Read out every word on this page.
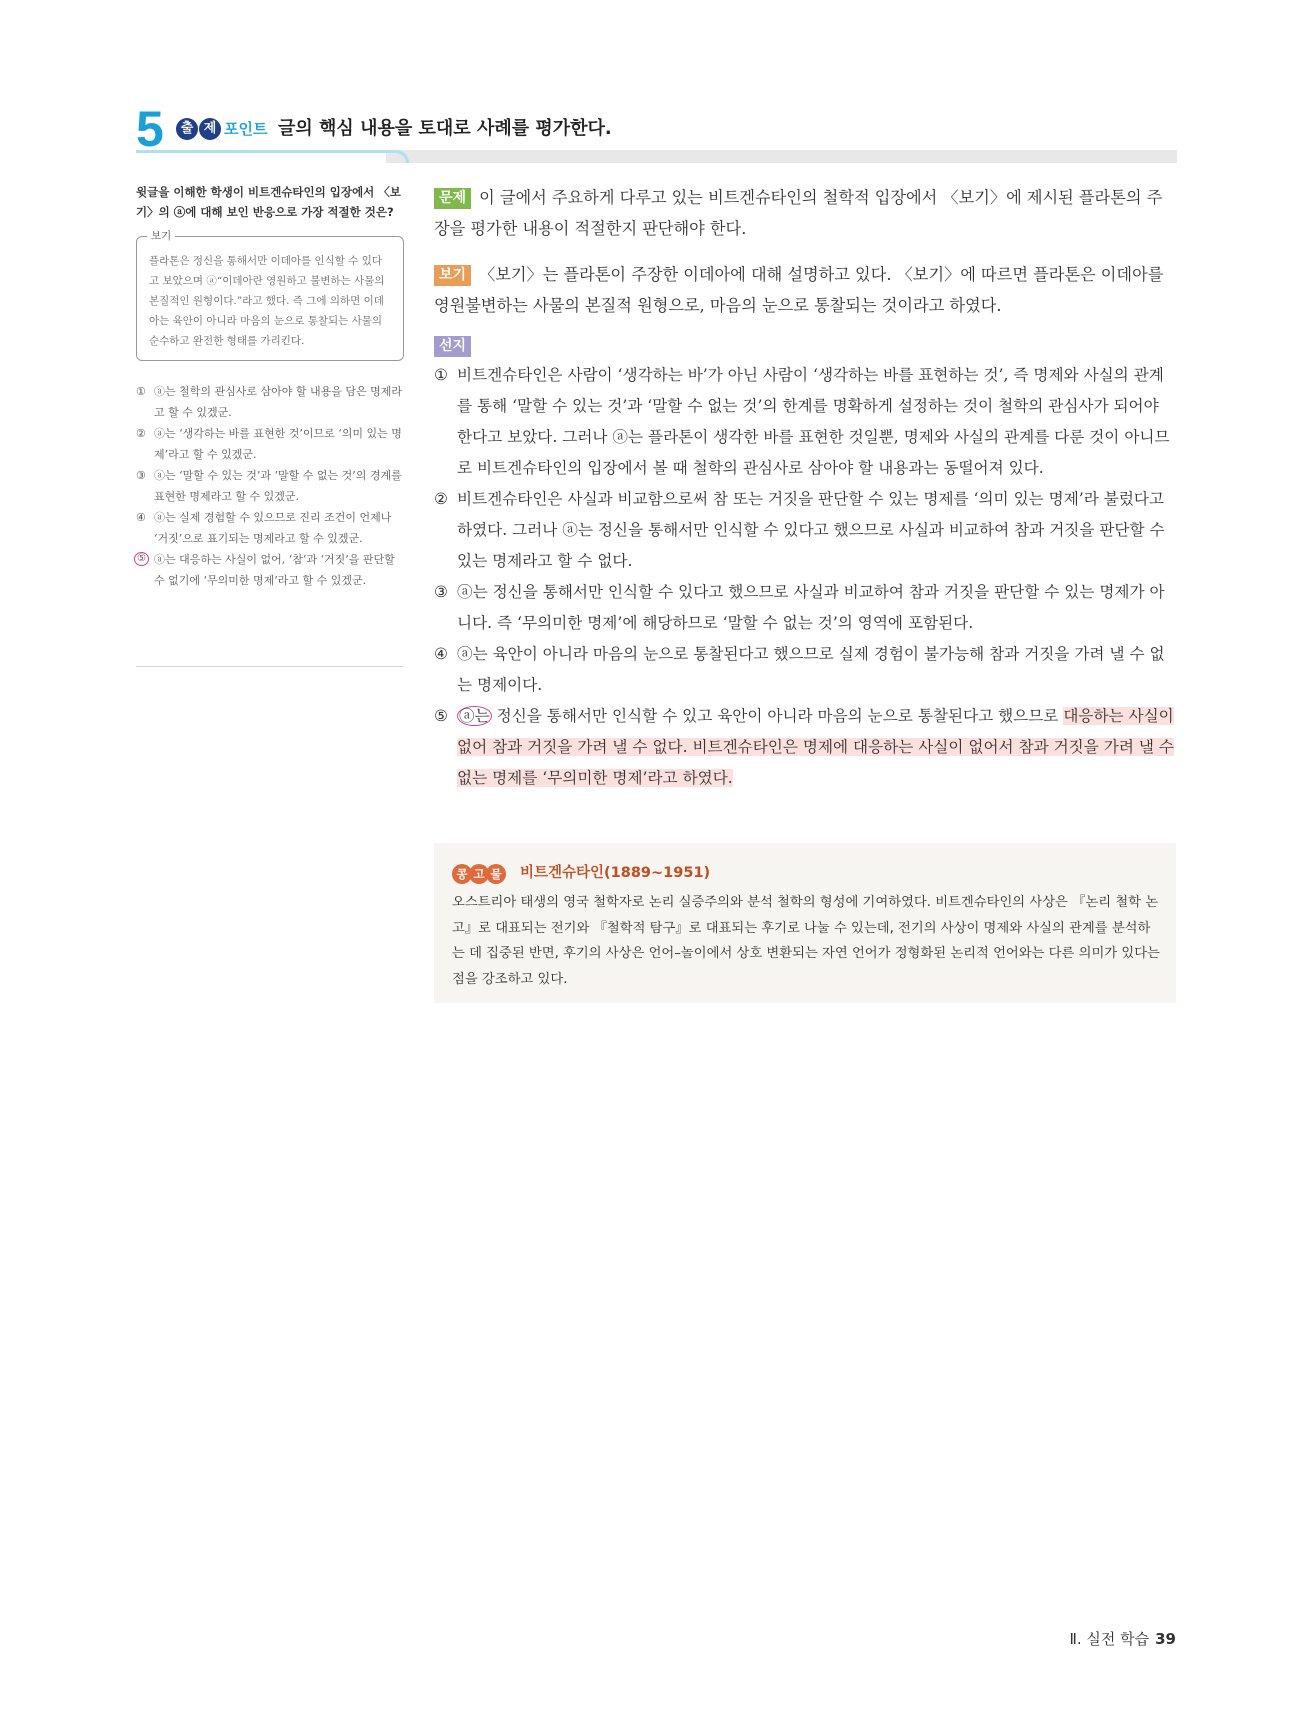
5	출 제 포인트 글의 핵심 내용을 토대로 사례를 평가한다.

윗글을 이해한 학생이 비트겐슈타인의 입장에서 〈보기〉의 ⓐ에 대해 보인 반응으로 가장 적절한 것은?

보기

플라톤은 정신을 통해서만 이데아를 인식할 수 있다고 보았으며 ⓐ“이데아란 영원하고 불변하는 사물의 본질적인 원형이다.”라고 했다. 즉 그에 의하면 이데아는 육안이 아니라 마음의 눈으로 통찰되는 사물의 순수하고 완전한 형태를 가리킨다.

① ⓐ는 철학의 관심사로 삼아야 할 내용을 담은 명제라고 할 수 있겠군.
② ⓐ는 ‘생각하는 바를 표현한 것’이므로 ‘의미 있는 명제’라고 할 수 있겠군.
③ ⓐ는 ‘말할 수 있는 것’과 ‘말할 수 없는 것’의 경계를 표현한 명제라고 할 수 있겠군.
④ ⓐ는 실제 경험할 수 있으므로 진리 조건이 언제나 ‘거짓’으로 표기되는 명제라고 할 수 있겠군.
⑤ ⓐ는 대응하는 사실이 없어, ‘참’과 ‘거짓’을 판단할 수 없기에 ‘무의미한 명제’라고 할 수 있겠군.

문제 이 글에서 주요하게 다루고 있는 비트겐슈타인의 철학적 입장에서 〈보기〉에 제시된 플라톤의 주장을 평가한 내용이 적절한지 판단해야 한다.

보기 〈보기〉는 플라톤이 주장한 이데아에 대해 설명하고 있다. 〈보기〉에 따르면 플라톤은 이데아를 영원불변하는 사물의 본질적 원형으로, 마음의 눈으로 통찰되는 것이라고 하였다.

선지
① 비트겐슈타인은 사람이 ‘생각하는 바’가 아닌 사람이 ‘생각하는 바를 표현하는 것’, 즉 명제와 사실의 관계를 통해 ‘말할 수 있는 것’과 ‘말할 수 없는 것’의 한계를 명확하게 설정하는 것이 철학의 관심사가 되어야 한다고 보았다. 그러나 ⓐ는 플라톤이 생각한 바를 표현한 것일뿐, 명제와 사실의 관계를 다룬 것이 아니므로 비트겐슈타인의 입장에서 볼 때 철학의 관심사로 삼아야 할 내용과는 동떨어져 있다.
② 비트겐슈타인은 사실과 비교함으로써 참 또는 거짓을 판단할 수 있는 명제를 ‘의미 있는 명제’라 불렀다고 하였다. 그러나 ⓐ는 정신을 통해서만 인식할 수 있다고 했으므로 사실과 비교하여 참과 거짓을 판단할 수 있는 명제라고 할 수 없다.
③ ⓐ는 정신을 통해서만 인식할 수 있다고 했으므로 사실과 비교하여 참과 거짓을 판단할 수 있는 명제가 아니다. 즉 ‘무의미한 명제’에 해당하므로 ‘말할 수 없는 것’의 영역에 포함된다.
④ ⓐ는 육안이 아니라 마음의 눈으로 통찰된다고 했으므로 실제 경험이 불가능해 참과 거짓을 가려 낼 수 없는 명제이다.
⑤ ⓐ는 정신을 통해서만 인식할 수 있고 육안이 아니라 마음의 눈으로 통찰된다고 했으므로 대응하는 사실이 없어 참과 거짓을 가려 낼 수 없다. 비트겐슈타인은 명제에 대응하는 사실이 없어서 참과 거짓을 가려 낼 수 없는 명제를 ‘무의미한 명제’라고 하였다.
콩 고 물 비트겐슈타인(1889~1951)

오스트리아 태생의 영국 철학자로 논리 실증주의와 분석 철학의 형성에 기여하였다. 비트겐슈타인의 사상은 『논리 철학 논고』로 대표되는 전기와 『철학적 탐구』로 대표되는 후기로 나눌 수 있는데, 전기의 사상이 명제와 사실의 관계를 분석하는 데 집중된 반면, 후기의 사상은 언어–놀이에서 상호 변환되는 자연 언어가 정형화된 논리적 언어와는 다른 의미가 있다는 점을 강조하고 있다.

Ⅱ. 실전 학습 39
